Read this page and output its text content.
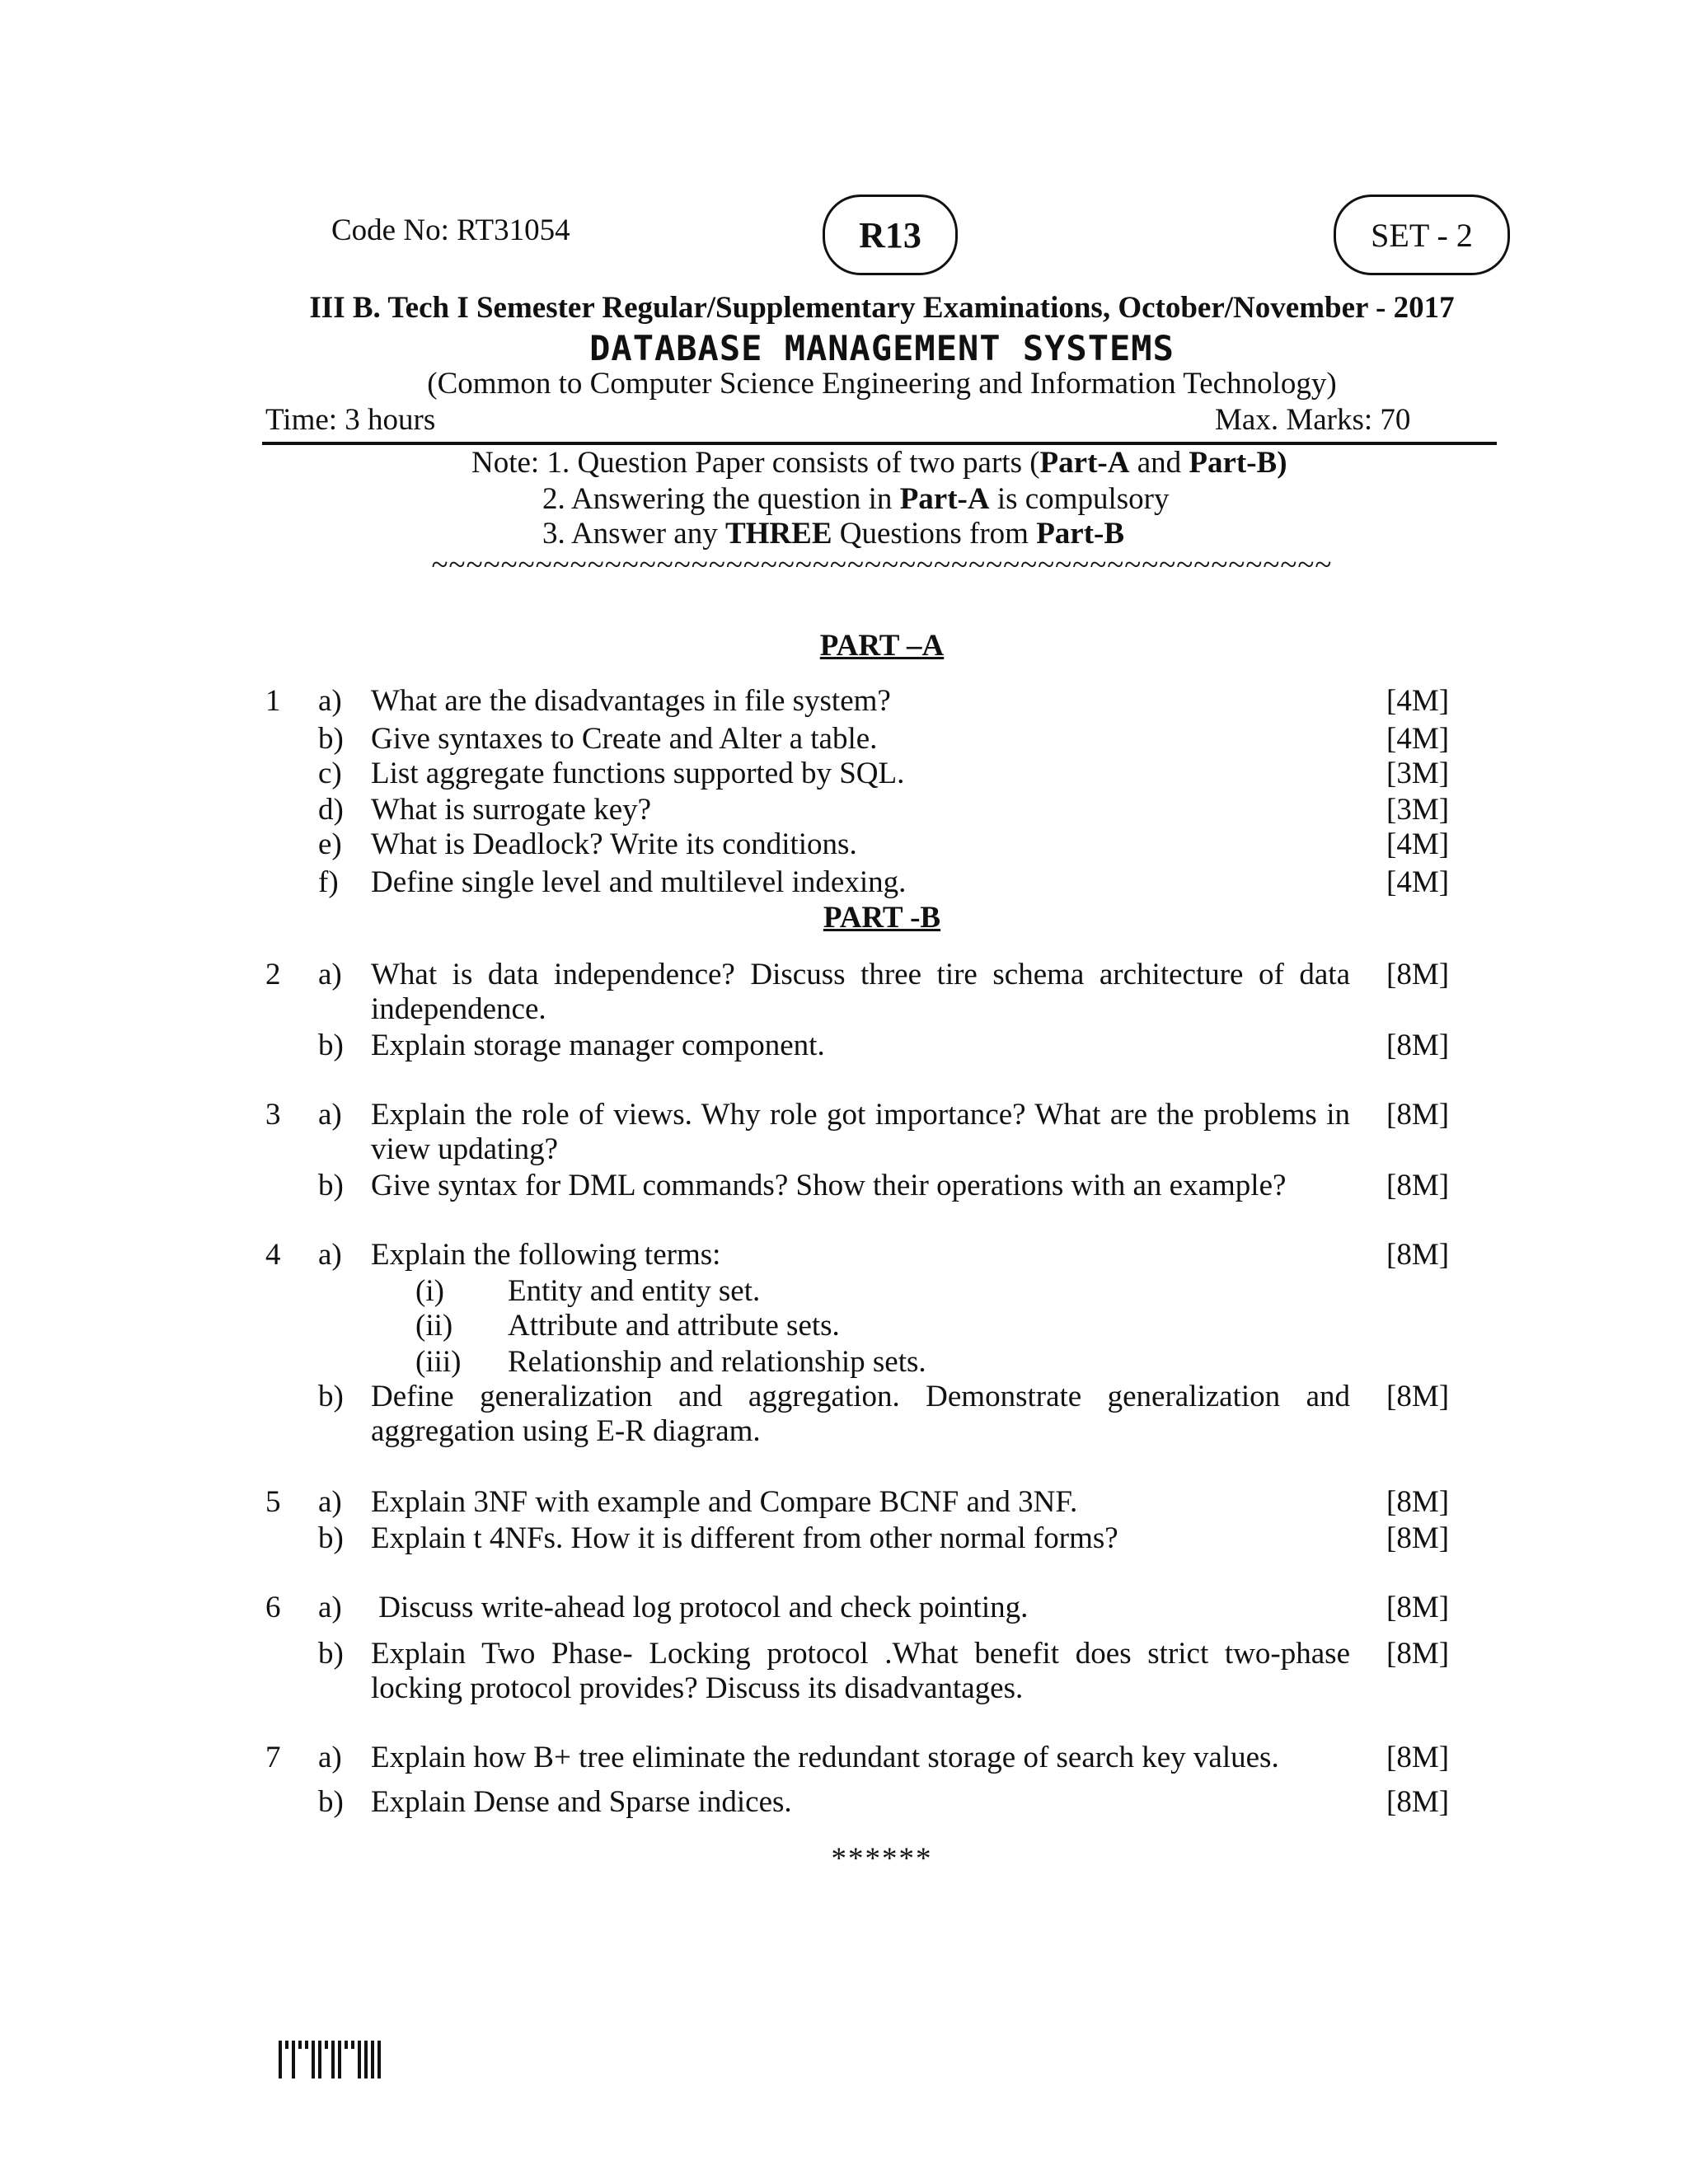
Code No: RT31054	R13	SET - 2
III B. Tech I Semester Regular/Supplementary Examinations, October/November - 2017
DATABASE MANAGEMENT SYSTEMS
(Common to Computer Science Engineering and Information Technology)
Time: 3 hours	Max. Marks: 70
Note: 1. Question Paper consists of two parts (Part-A and Part-B)
2. Answering the question in Part-A is compulsory
3. Answer any THREE Questions from Part-B
~~~~~~~~~~~~~~~~~~~~~~~~~~~~~~~~~~~~~~~~~~~~~~~~~~~~
PART –A
1 a) What are the disadvantages in file system?	[4M]
b) Give syntaxes to Create and Alter a table.	[4M]
c) List aggregate functions supported by SQL.	[3M]
d) What is surrogate key?	[3M]
e) What is Deadlock? Write its conditions.	[4M]
f) Define single level and multilevel indexing.	[4M]
PART -B
2 a) What is data independence? Discuss three tire schema architecture of data independence.
[8M]
b) Explain storage manager component.	[8M]
3 a) Explain the role of views. Why role got importance? What are the problems in view updating?
[8M]
b) Give syntax for DML commands? Show their operations with an example?	[8M]
4 a) Explain the following terms:	[8M]
(i) Entity and entity set.
(ii) Attribute and attribute sets.
(iii) Relationship and relationship sets.
b) Define generalization and aggregation. Demonstrate generalization and aggregation using E-R diagram.
[8M]
5 a) Explain 3NF with example and Compare BCNF and 3NF.	[8M]
b) Explain t 4NFs. How it is different from other normal forms?	[8M]
6 a) Discuss write-ahead log protocol and check pointing.	[8M]
b) Explain Two Phase- Locking protocol .What benefit does strict two-phase locking protocol provides? Discuss its disadvantages.
[8M]
7 a) Explain how B+ tree eliminate the redundant storage of search key values.	[8M]
b) Explain Dense and Sparse indices.	[8M]
******
